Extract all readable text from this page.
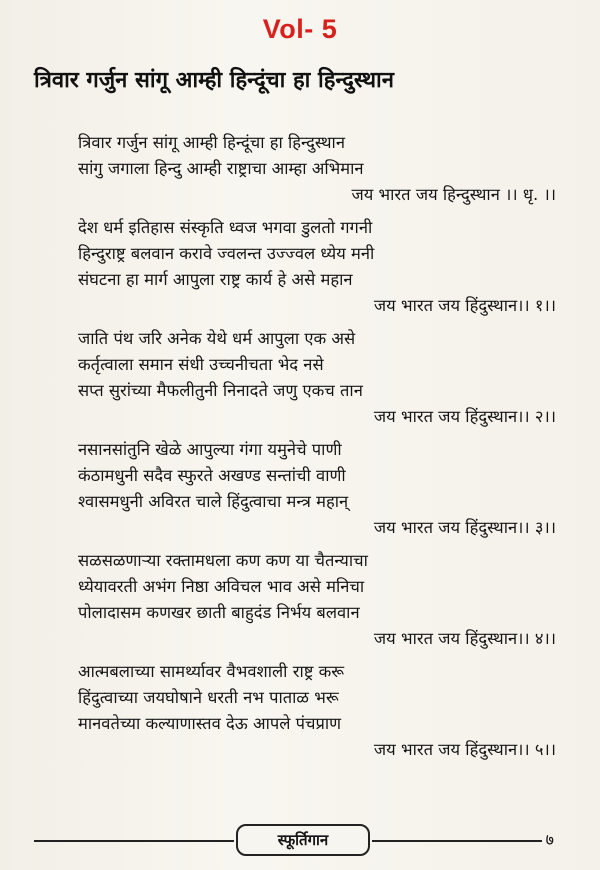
Vol- 5
त्रिवार गर्जुन सांगू आम्ही हिन्दूंचा हा हिन्दुस्थान
त्रिवार गर्जुन सांगू आम्ही हिन्दूंचा हा हिन्दुस्थान
सांगु जगाला हिन्दु आम्ही राष्ट्राचा आम्हा अभिमान
जय भारत जय हिन्दुस्थान ।। धृ. ।।
देश धर्म इतिहास संस्कृति ध्वज भगवा डुलतो गगनी
हिन्दुराष्ट्र बलवान करावे ज्वलन्त उज्ज्वल ध्येय मनी
संघटना हा मार्ग आपुला राष्ट्र कार्य हे असे महान
जय भारत जय हिंदुस्थान।। १।।
जाति पंथ जरि अनेक येथे धर्म आपुला एक असे
कर्तृत्वाला समान संधी उच्चनीचता भेद नसे
सप्त सुरांच्या मैफलीतुनी निनादते जणु एकच तान
जय भारत जय हिंदुस्थान।। २।।
नसानसांतुनि खेळे आपुल्या गंगा यमुनेचे पाणी
कंठामधुनी सदैव स्फुरते अखण्ड सन्तांची वाणी
श्वासमधुनी अविरत चाले हिंदुत्वाचा मन्त्र महान्
जय भारत जय हिंदुस्थान।। ३।।
सळसळणाऱ्या रक्तामधला कण कण या चैतन्याचा
ध्येयावरती अभंग निष्ठा अविचल भाव असे मनिचा
पोलादासम कणखर छाती बाहुदंड निर्भय बलवान
जय भारत जय हिंदुस्थान।। ४।।
आत्मबलाच्या सामर्थ्यावर वैभवशाली राष्ट्र करू
हिंदुत्वाच्या जयघोषाने धरती नभ पाताळ भरू
मानवतेच्या कल्याणास्तव देऊ आपले पंचप्राण
जय भारत जय हिंदुस्थान।। ५।।
स्फूर्तिगान	७
